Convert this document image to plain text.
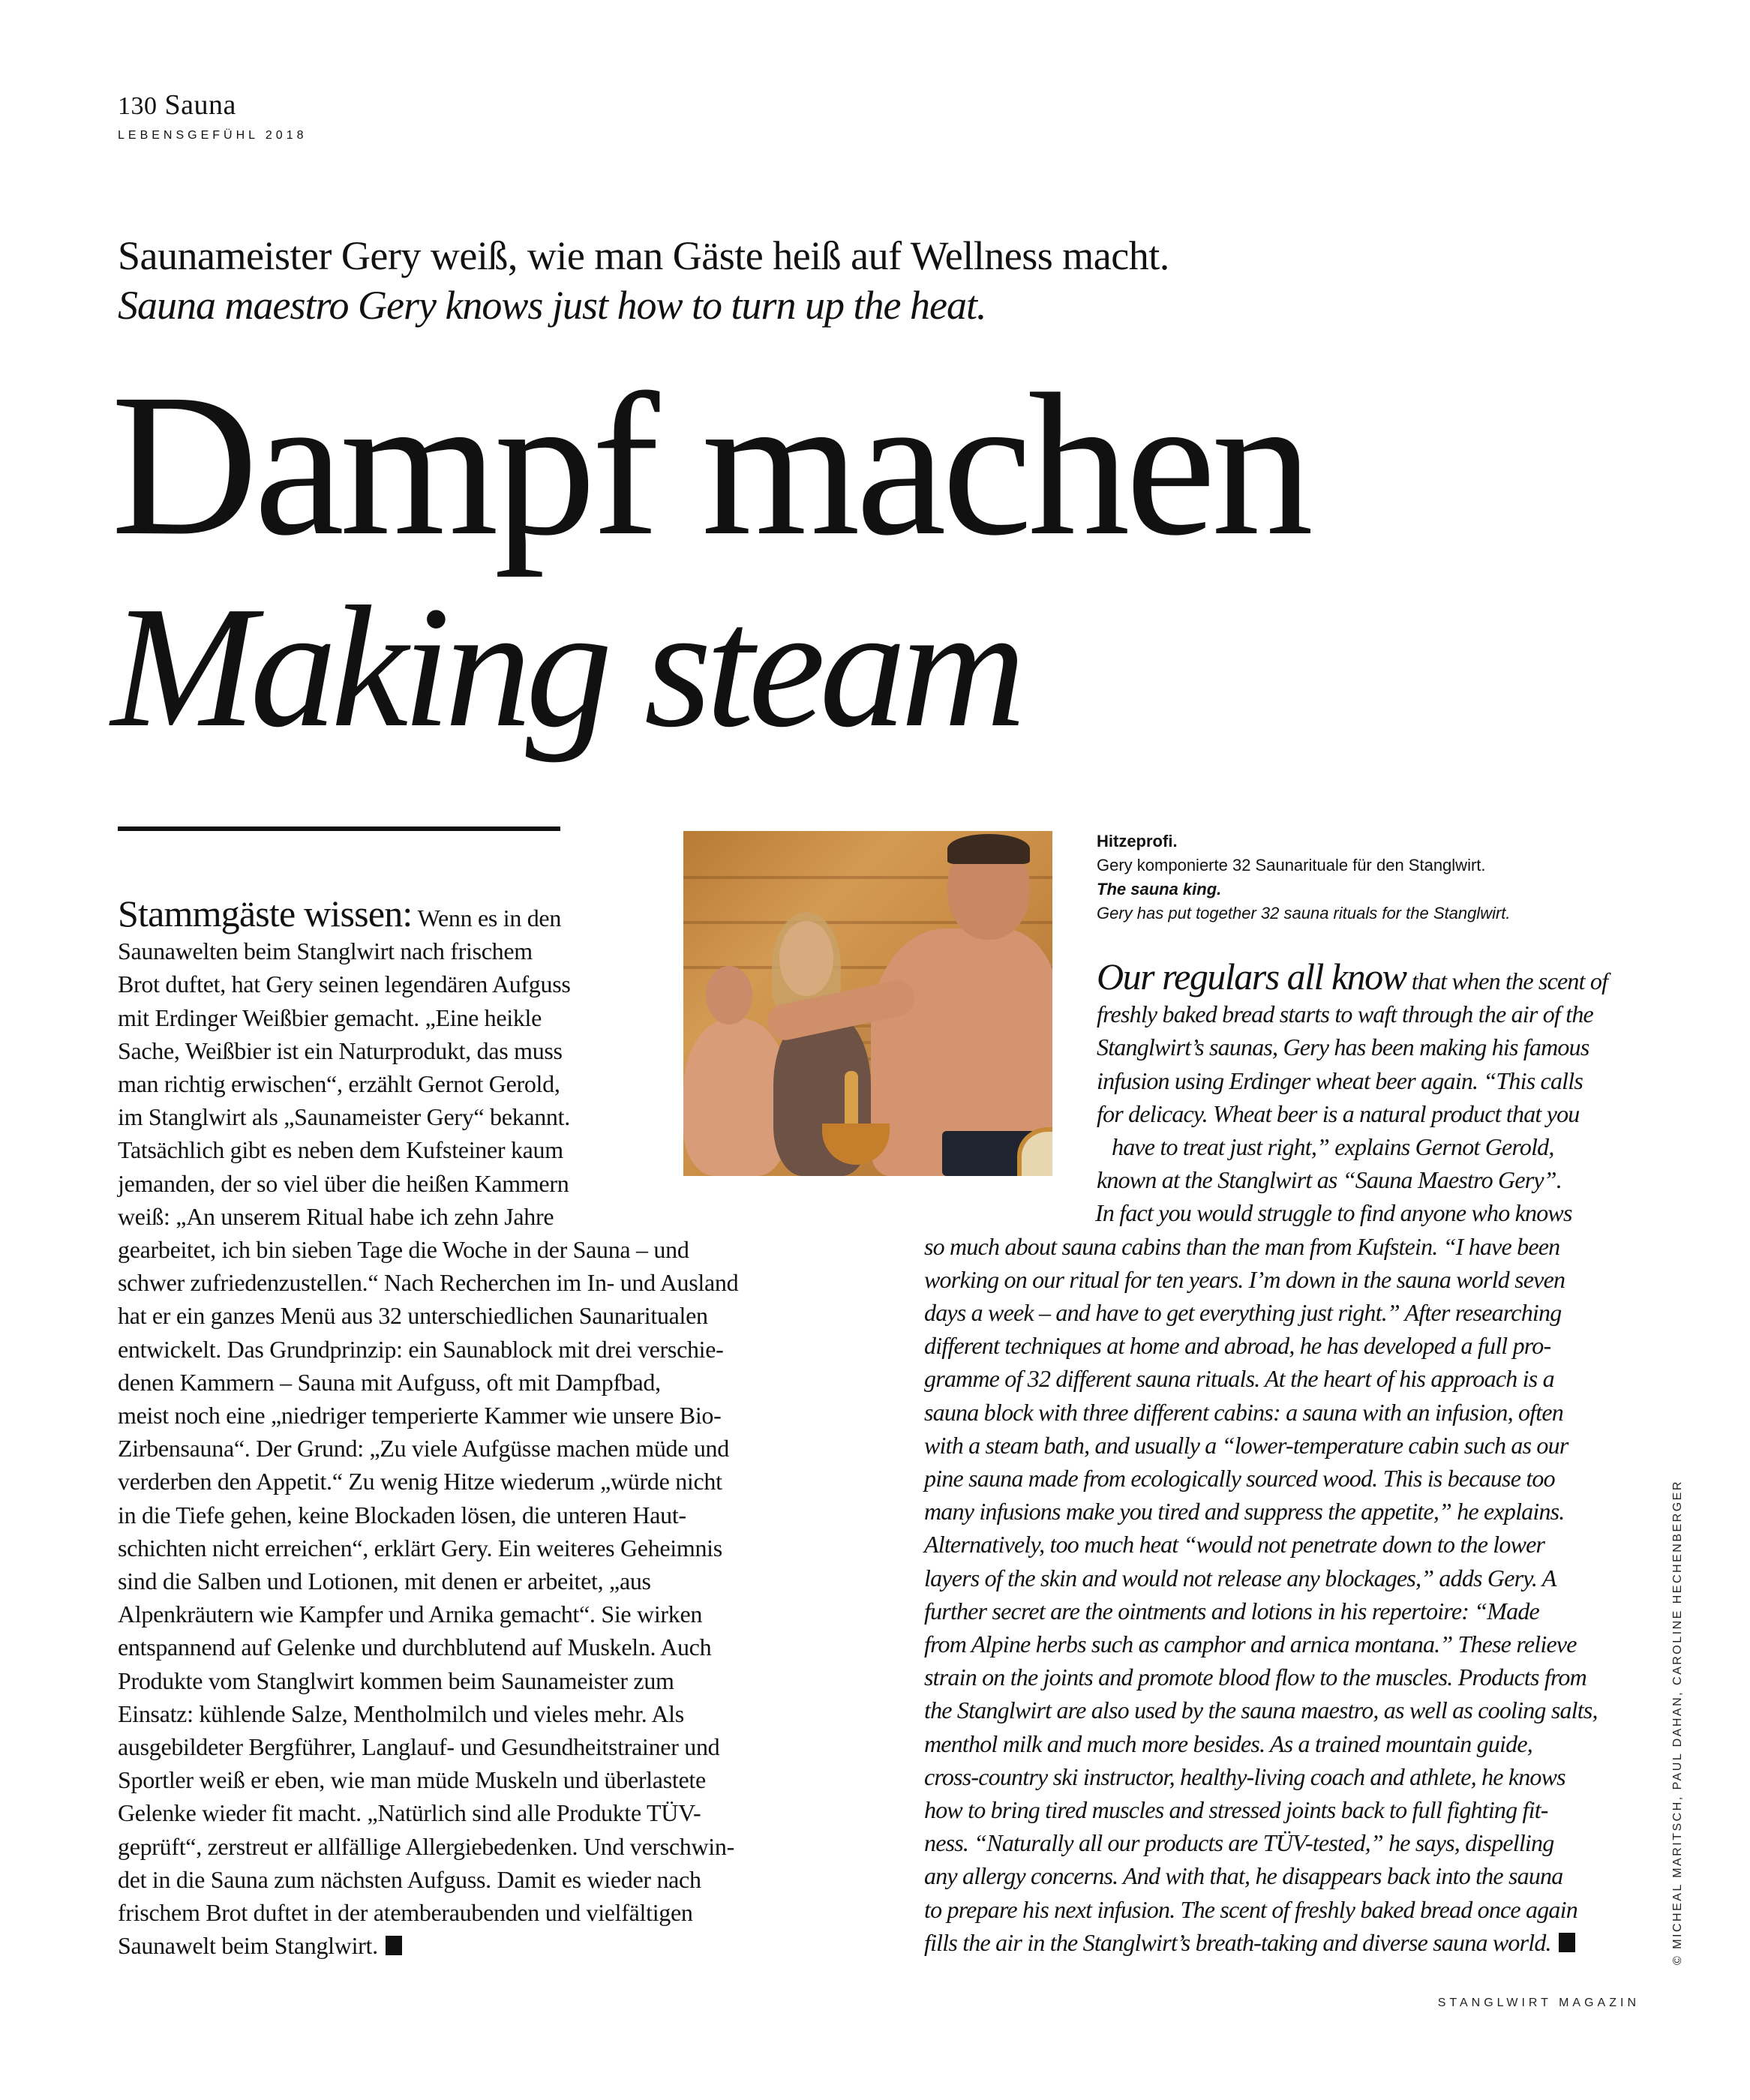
130 Sauna
LEBENSGEFÜHL 2018
Saunameister Gery weiß, wie man Gäste heiß auf Wellness macht.
Sauna maestro Gery knows just how to turn up the heat.
Dampf machen
Making steam
Hitzeprofi.
Gery komponierte 32 Saunarituale für den Stanglwirt.
The sauna king.
Gery has put together 32 sauna rituals for the Stanglwirt.
Stammgäste wissen: Wenn es in den
Saunawelten beim Stanglwirt nach frischem
Brot duftet, hat Gery seinen legendären Aufguss
mit Erdinger Weißbier gemacht. „Eine heikle
Sache, Weißbier ist ein Naturprodukt, das muss
man richtig erwischen“, erzählt Gernot Gerold,
im Stanglwirt als „Saunameister Gery“ bekannt.
Tatsächlich gibt es neben dem Kufsteiner kaum
jemanden, der so viel über die heißen Kammern
weiß: „An unserem Ritual habe ich zehn Jahre
gearbeitet, ich bin sieben Tage die Woche in der Sauna – und
schwer zufriedenzustellen.“ Nach Recherchen im In- und Ausland
hat er ein ganzes Menü aus 32 unterschiedlichen Saunaritualen
entwickelt. Das Grundprinzip: ein Saunablock mit drei verschie-
denen Kammern – Sauna mit Aufguss, oft mit Dampfbad,
meist noch eine „niedriger temperierte Kammer wie unsere Bio-
Zirbensauna“. Der Grund: „Zu viele Aufgüsse machen müde und
verderben den Appetit.“ Zu wenig Hitze wiederum „würde nicht
in die Tiefe gehen, keine Blockaden lösen, die unteren Haut-
schichten nicht erreichen“, erklärt Gery. Ein weiteres Geheimnis
sind die Salben und Lotionen, mit denen er arbeitet, „aus
Alpenkräutern wie Kampfer und Arnika gemacht“. Sie wirken
entspannend auf Gelenke und durchblutend auf Muskeln. Auch
Produkte vom Stanglwirt kommen beim Saunameister zum
Einsatz: kühlende Salze, Mentholmilch und vieles mehr. Als
ausgebildeter Bergführer, Langlauf- und Gesundheitstrainer und
Sportler weiß er eben, wie man müde Muskeln und überlastete
Gelenke wieder fit macht. „Natürlich sind alle Produkte TÜV-
geprüft“, zerstreut er allfällige Allergiebedenken. Und verschwin-
det in die Sauna zum nächsten Aufguss. Damit es wieder nach
frischem Brot duftet in der atemberaubenden und vielfältigen
Saunawelt beim Stanglwirt.
Our regulars all know that when the scent of
freshly baked bread starts to waft through the air of the
Stanglwirt’s saunas, Gery has been making his famous
infusion using Erdinger wheat beer again. “This calls
for delicacy. Wheat beer is a natural product that you
have to treat just right,” explains Gernot Gerold,
known at the Stanglwirt as “Sauna Maestro Gery”.
In fact you would struggle to find anyone who knows
so much about sauna cabins than the man from Kufstein. “I have been
working on our ritual for ten years. I’m down in the sauna world seven
days a week – and have to get everything just right.” After researching
different techniques at home and abroad, he has developed a full pro-
gramme of 32 different sauna rituals. At the heart of his approach is a
sauna block with three different cabins: a sauna with an infusion, often
with a steam bath, and usually a “lower-temperature cabin such as our
pine sauna made from ecologically sourced wood. This is because too
many infusions make you tired and suppress the appetite,” he explains.
Alternatively, too much heat “would not penetrate down to the lower
layers of the skin and would not release any blockages,” adds Gery. A
further secret are the ointments and lotions in his repertoire: “Made
from Alpine herbs such as camphor and arnica montana.” These relieve
strain on the joints and promote blood flow to the muscles. Products from
the Stanglwirt are also used by the sauna maestro, as well as cooling salts,
menthol milk and much more besides. As a trained mountain guide,
cross-country ski instructor, healthy-living coach and athlete, he knows
how to bring tired muscles and stressed joints back to full fighting fit-
ness. “Naturally all our products are TÜV-tested,” he says, dispelling
any allergy concerns. And with that, he disappears back into the sauna
to prepare his next infusion. The scent of freshly baked bread once again
fills the air in the Stanglwirt’s breath-taking and diverse sauna world.	© MICHEAL MARITSCH, PAUL DAHAN, CAROLINE HECHENBERGER
STANGLWIRT MAGAZIN
